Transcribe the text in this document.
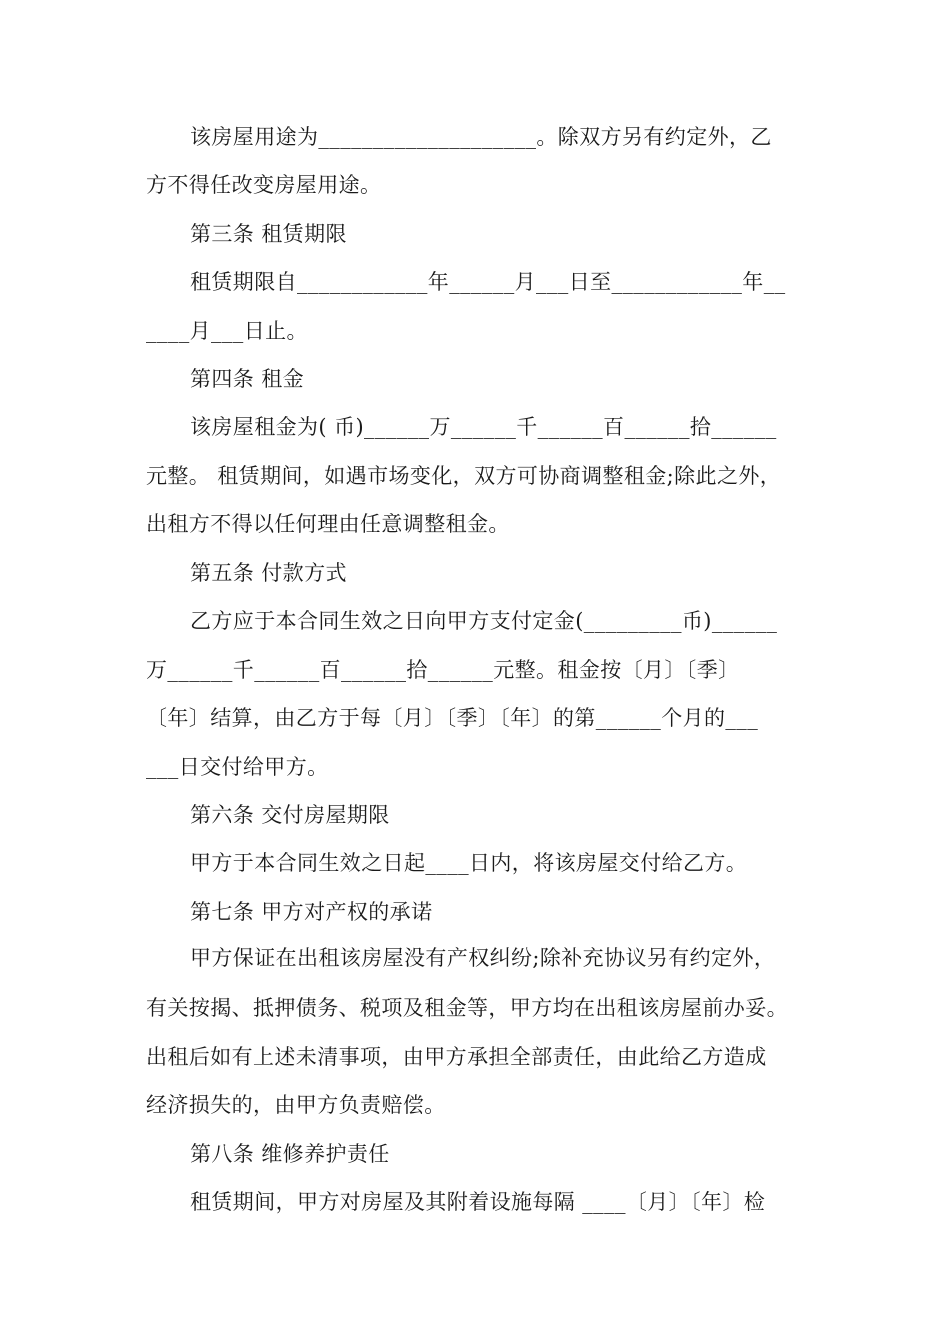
该房屋用途为____________________。除双方另有约定外，乙
方不得任改变房屋用途。
第三条 租赁期限
租赁期限自____________年______月___日至____________年__
____月___日止。
第四条 租金
该房屋租金为( 币)______万______千______百______拾______
元整。 租赁期间，如遇市场变化，双方可协商调整租金;除此之外，
出租方不得以任何理由任意调整租金。
第五条 付款方式
乙方应于本合同生效之日向甲方支付定金(_________币)______
万______千______百______拾______元整。租金按〔月〕〔季〕
〔年〕结算，由乙方于每〔月〕〔季〕〔年〕的第______个月的___
___日交付给甲方。
第六条 交付房屋期限
甲方于本合同生效之日起____日内，将该房屋交付给乙方。
第七条 甲方对产权的承诺
甲方保证在出租该房屋没有产权纠纷;除补充协议另有约定外，
有关按揭、抵押债务、税项及租金等，甲方均在出租该房屋前办妥。
出租后如有上述未清事项，由甲方承担全部责任，由此给乙方造成
经济损失的，由甲方负责赔偿。
第八条 维修养护责任
租赁期间，甲方对房屋及其附着设施每隔 ____〔月〕〔年〕检
